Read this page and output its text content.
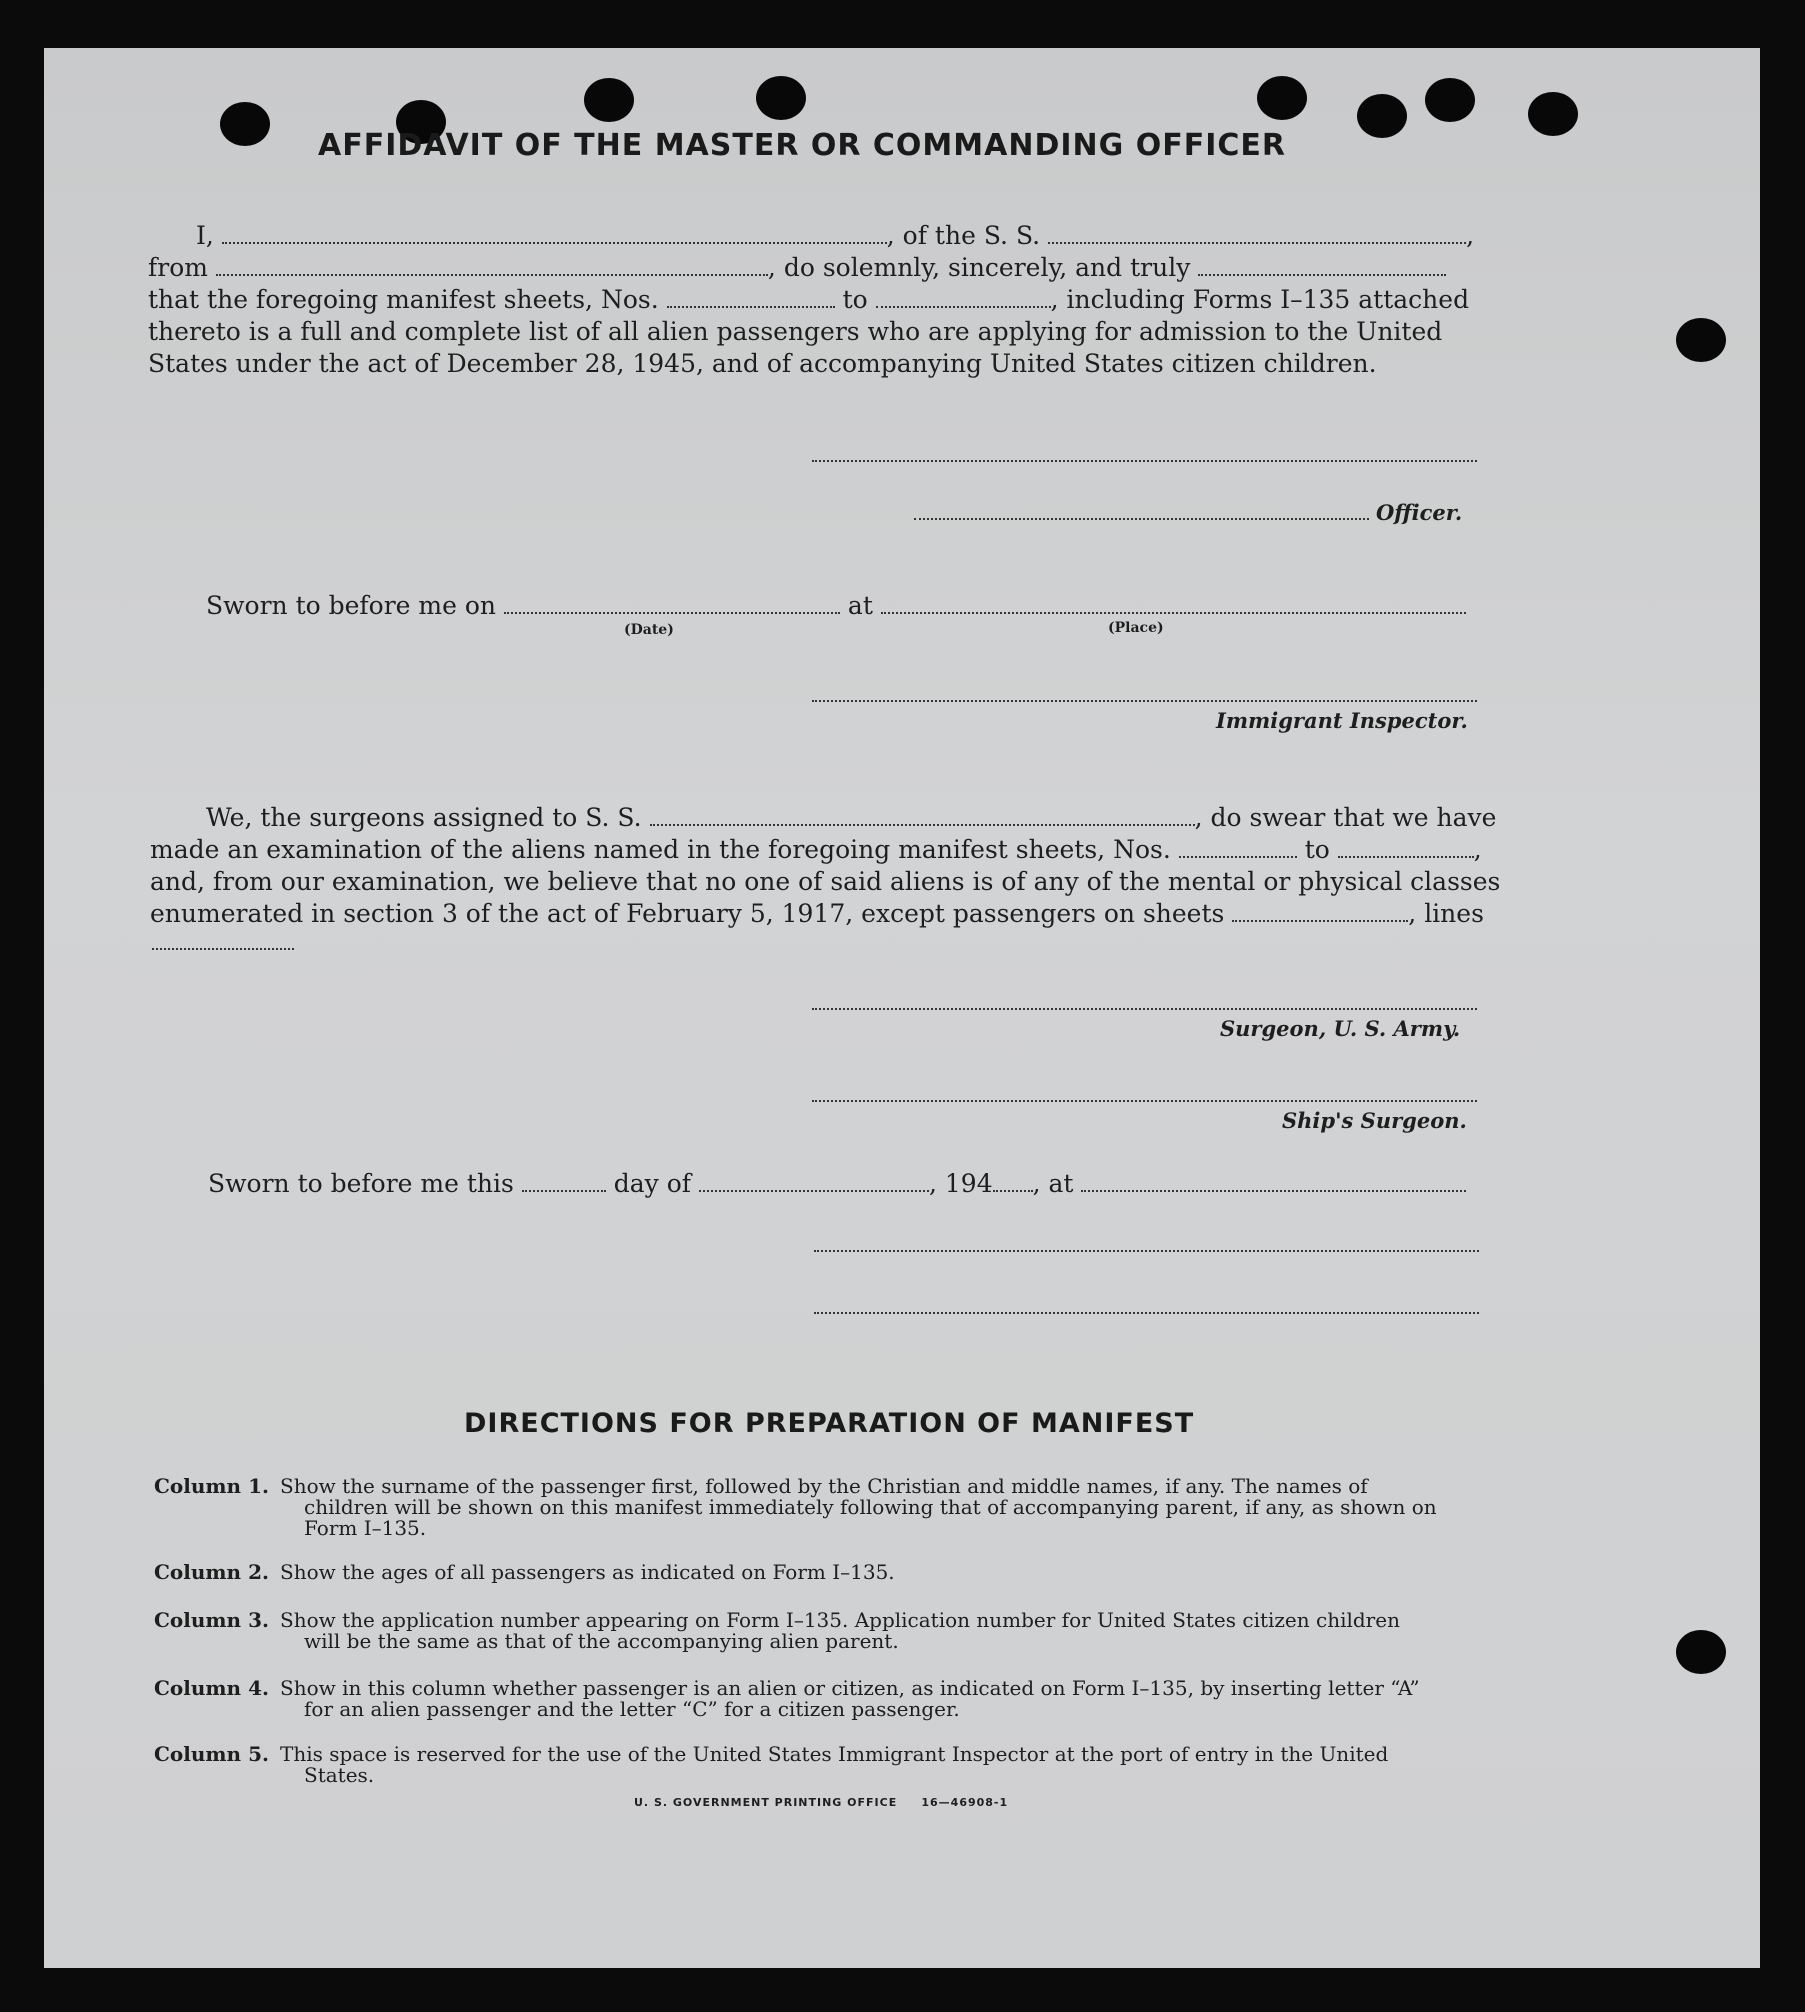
AFFIDAVIT OF THE MASTER OR COMMANDING OFFICER
I,	, of the S. S.	,
from	, do solemnly, sincerely, and truly
that the foregoing manifest sheets, Nos.	to	, including Forms I–135 attached
thereto is a full and complete list of all alien passengers who are applying for admission to the United
States under the act of December 28, 1945, and of accompanying United States citizen children.
Officer.
Sworn to before me on	at
(Date)	(Place)
Immigrant Inspector.
We, the surgeons assigned to S. S.	, do swear that we have
made an examination of the aliens named in the foregoing manifest sheets, Nos.	to	,
and, from our examination, we believe that no one of said aliens is of any of the mental or physical classes
enumerated in section 3 of the act of February 5, 1917, except passengers on sheets	, lines
Surgeon, U. S. Army.
Ship's Surgeon.
Sworn to before me this	day of	, 194 , at
DIRECTIONS FOR PREPARATION OF MANIFEST
Column 1. Show the surname of the passenger first, followed by the Christian and middle names, if any. The names of
children will be shown on this manifest immediately following that of accompanying parent, if any, as shown on Form I–135.
Column 2. Show the ages of all passengers as indicated on Form I–135.
Column 3. Show the application number appearing on Form I–135. Application number for United States citizen children
will be the same as that of the accompanying alien parent.
Column 4. Show in this column whether passenger is an alien or citizen, as indicated on Form I–135, by inserting letter “A”
for an alien passenger and the letter “C” for a citizen passenger.
Column 5. This space is reserved for the use of the United States Immigrant Inspector at the port of entry in the United
States.
U. S. GOVERNMENT PRINTING OFFICE     16—46908-1
